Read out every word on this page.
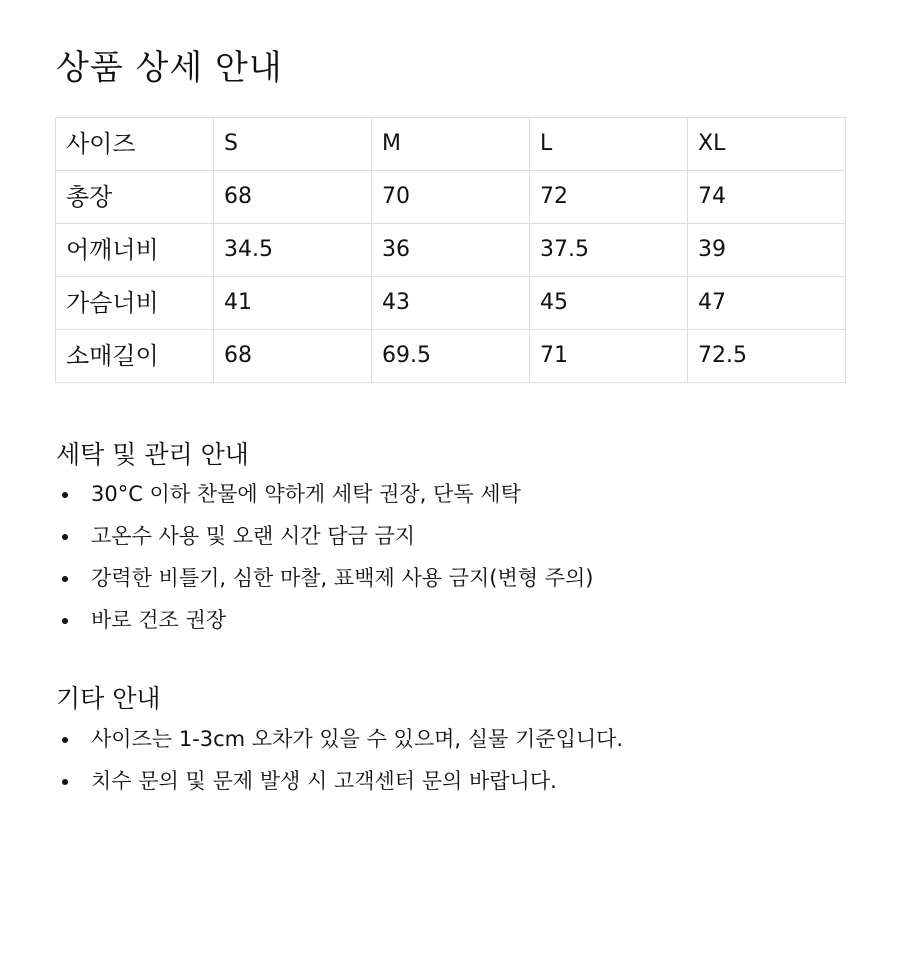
상품 상세 안내
사이즈	S	M	L	XL
총장	68	70	72	74
어깨너비	34.5	36	37.5	39
가슴너비	41	43	45	47
소매길이	68	69.5	71	72.5
세탁 및 관리 안내
30°C 이하 찬물에 약하게 세탁 권장, 단독 세탁
고온수 사용 및 오랜 시간 담금 금지
강력한 비틀기, 심한 마찰, 표백제 사용 금지(변형 주의)
바로 건조 권장
기타 안내
사이즈는 1-3cm 오차가 있을 수 있으며, 실물 기준입니다.
치수 문의 및 문제 발생 시 고객센터 문의 바랍니다.
